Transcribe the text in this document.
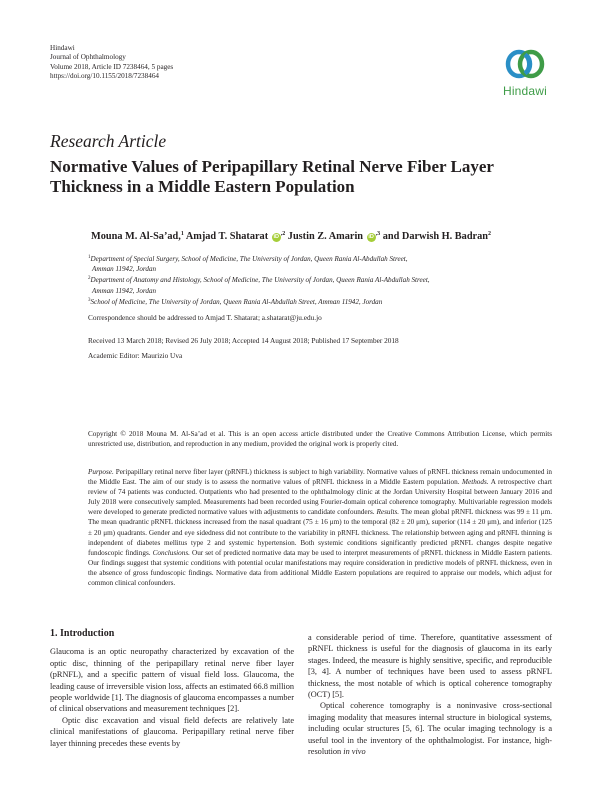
Hindawi
Journal of Ophthalmology
Volume 2018, Article ID 7238464, 5 pages
https://doi.org/10.1155/2018/7238464
Hindawi
Research Article
Normative Values of Peripapillary Retinal Nerve Fiber Layer Thickness in a Middle Eastern Population
Mouna M. Al-Sa’ad,$^1$ Amjad T. Shatarat iD $^{,2}$ Justin Z. Amarin iD $^{,3}$ and Darwish H. Badran$^2$
$^1$Department of Special Surgery, School of Medicine, The University of Jordan, Queen Rania Al-Abdullah Street,
Amman 11942, Jordan
$^2$Department of Anatomy and Histology, School of Medicine, The University of Jordan, Queen Rania Al-Abdullah Street,
Amman 11942, Jordan
$^3$School of Medicine, The University of Jordan, Queen Rania Al-Abdullah Street, Amman 11942, Jordan
Correspondence should be addressed to Amjad T. Shatarat; a.shatarat@ju.edu.jo
Received 13 March 2018; Revised 26 July 2018; Accepted 14 August 2018; Published 17 September 2018
Academic Editor: Maurizio Uva
Copyright © 2018 Mouna M. Al-Sa’ad et al. This is an open access article distributed under the Creative Commons Attribution License, which permits unrestricted use, distribution, and reproduction in any medium, provided the original work is properly cited.
Purpose. Peripapillary retinal nerve fiber layer (pRNFL) thickness is subject to high variability. Normative values of pRNFL thickness remain undocumented in the Middle East. The aim of our study is to assess the normative values of pRNFL thickness in a Middle Eastern population. Methods. A retrospective chart review of 74 patients was conducted. Outpatients who had presented to the ophthalmology clinic at the Jordan University Hospital between January 2016 and July 2018 were consecutively sampled. Measurements had been recorded using Fourier-domain optical coherence tomography. Multivariable regression models were developed to generate predicted normative values with adjustments to candidate confounders. Results. The mean global pRNFL thickness was 99 ± 11 μm. The mean quadrantic pRNFL thickness increased from the nasal quadrant (75 ± 16 μm) to the temporal (82 ± 20 μm), superior (114 ± 20 μm), and inferior (125 ± 20 μm) quadrants. Gender and eye sidedness did not contribute to the variability in pRNFL thickness. The relationship between aging and pRNFL thinning is independent of diabetes mellitus type 2 and systemic hypertension. Both systemic conditions significantly predicted pRNFL changes despite negative fundoscopic findings. Conclusions. Our set of predicted normative data may be used to interpret measurements of pRNFL thickness in Middle Eastern patients. Our findings suggest that systemic conditions with potential ocular manifestations may require consideration in predictive models of pRNFL thickness, even in the absence of gross fundoscopic findings. Normative data from additional Middle Eastern populations are required to appraise our models, which adjust for common clinical confounders.
1. Introduction

Glaucoma is an optic neuropathy characterized by excavation of the optic disc, thinning of the peripapillary retinal nerve fiber layer (pRNFL), and a specific pattern of visual field loss. Glaucoma, the leading cause of irreversible vision loss, affects an estimated 66.8 million people worldwide [1]. The diagnosis of glaucoma encompasses a number of clinical observations and measurement techniques [2].

Optic disc excavation and visual field defects are relatively late clinical manifestations of glaucoma. Peripapillary retinal nerve fiber layer thinning precedes these events by

a considerable period of time. Therefore, quantitative assessment of pRNFL thickness is useful for the diagnosis of glaucoma in its early stages. Indeed, the measure is highly sensitive, specific, and reproducible [3, 4]. A number of techniques have been used to assess pRNFL thickness, the most notable of which is optical coherence tomography (OCT) [5].

Optical coherence tomography is a noninvasive cross-sectional imaging modality that measures internal structure in biological systems, including ocular structures [5, 6]. The ocular imaging technology is a useful tool in the inventory of the ophthalmologist. For instance, high-resolution in vivo
